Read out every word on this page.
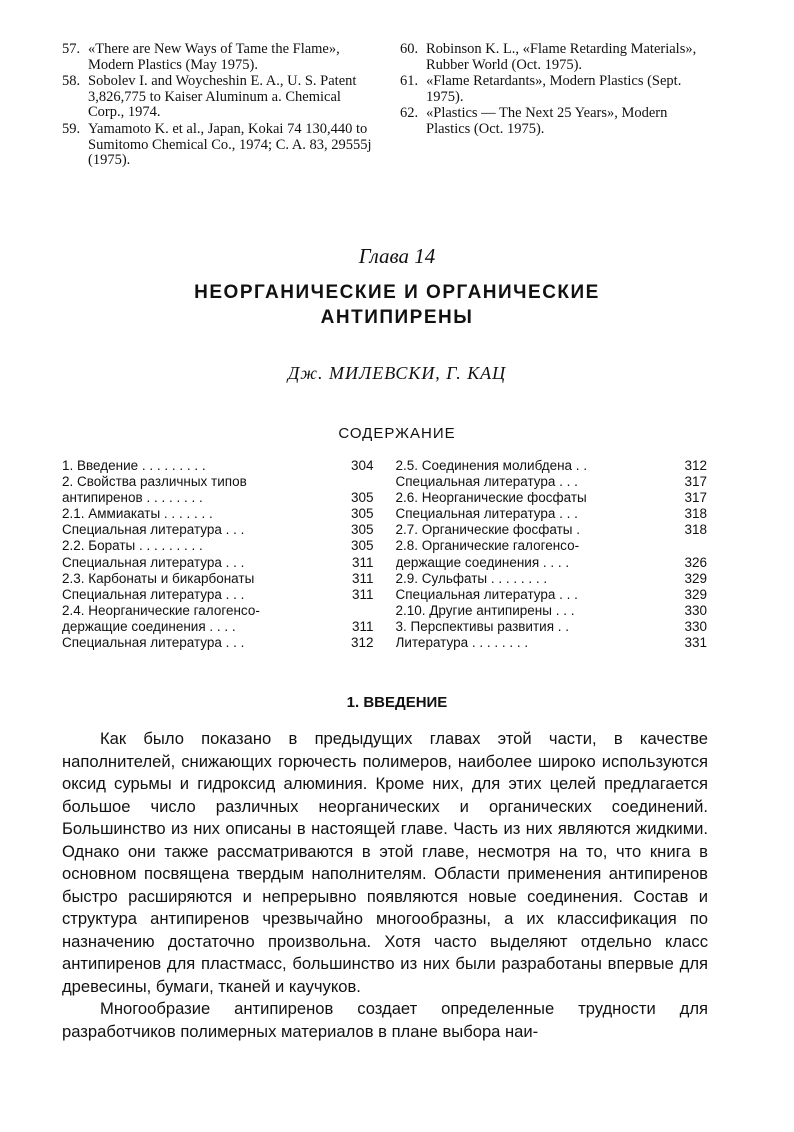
57. «There are New Ways of Tame the Flame», Modern Plastics (May 1975).
58. Sobolev I. and Woycheshin E. A., U. S. Patent 3,826,775 to Kaiser Aluminum a. Chemical Corp., 1974.
59. Yamamoto K. et al., Japan, Kokai 74 130,440 to Sumitomo Chemical Co., 1974; C. A. 83, 29555j (1975).
60. Robinson K. L., «Flame Retarding Materials», Rubber World (Oct. 1975).
61. «Flame Retardants», Modern Plastics (Sept. 1975).
62. «Plastics — The Next 25 Years», Modern Plastics (Oct. 1975).
Глава 14
НЕОРГАНИЧЕСКИЕ И ОРГАНИЧЕСКИЕ
АНТИПИРЕНЫ
Дж. МИЛЕВСКИ, Г. КАЦ
СОДЕРЖАНИЕ
1. Введение . . . . . . . . .	304
2. Свойства различных типов
антипиренов . . . . . . . .	305
2.1. Аммиакаты . . . . . . .	305
Специальная литература . . .	305
2.2. Бораты . . . . . . . . .	305
Специальная литература . . .	311
2.3. Карбонаты и бикарбонаты	311
Специальная литература . . .	311
2.4. Неорганические галогенсо-
держащие соединения . . . .	311
Специальная литература . . .	312
2.5. Соединения молибдена . .	312
Специальная литература . . .	317
2.6. Неорганические фосфаты	317
Специальная литература . . .	318
2.7. Органические фосфаты .	318
2.8. Органические галогенсо-
держащие соединения . . . .	326
2.9. Сульфаты . . . . . . . .	329
Специальная литература . . .	329
2.10. Другие антипирены . . .	330
3. Перспективы развития . .	330
Литература . . . . . . . .	331
1. ВВЕДЕНИЕ

Как было показано в предыдущих главах этой части, в качестве наполнителей, снижающих горючесть полимеров, наиболее широко используются оксид сурьмы и гидроксид алюминия. Кроме них, для этих целей предлагается большое число различных неорганических и органических соединений. Большинство из них описаны в настоящей главе. Часть из них являются жидкими. Однако они также рассматриваются в этой главе, несмотря на то, что книга в основном посвящена твердым наполнителям. Области применения антипиренов быстро расширяются и непрерывно появляются новые соединения. Состав и структура антипиренов чрезвычайно многообразны, а их классификация по назначению достаточно произвольна. Хотя часто выделяют отдельно класс антипиренов для пластмасс, большинство из них были разработаны впервые для древесины, бумаги, тканей и каучуков.

Многообразие антипиренов создает определенные трудности для разработчиков полимерных материалов в плане выбора наи-
